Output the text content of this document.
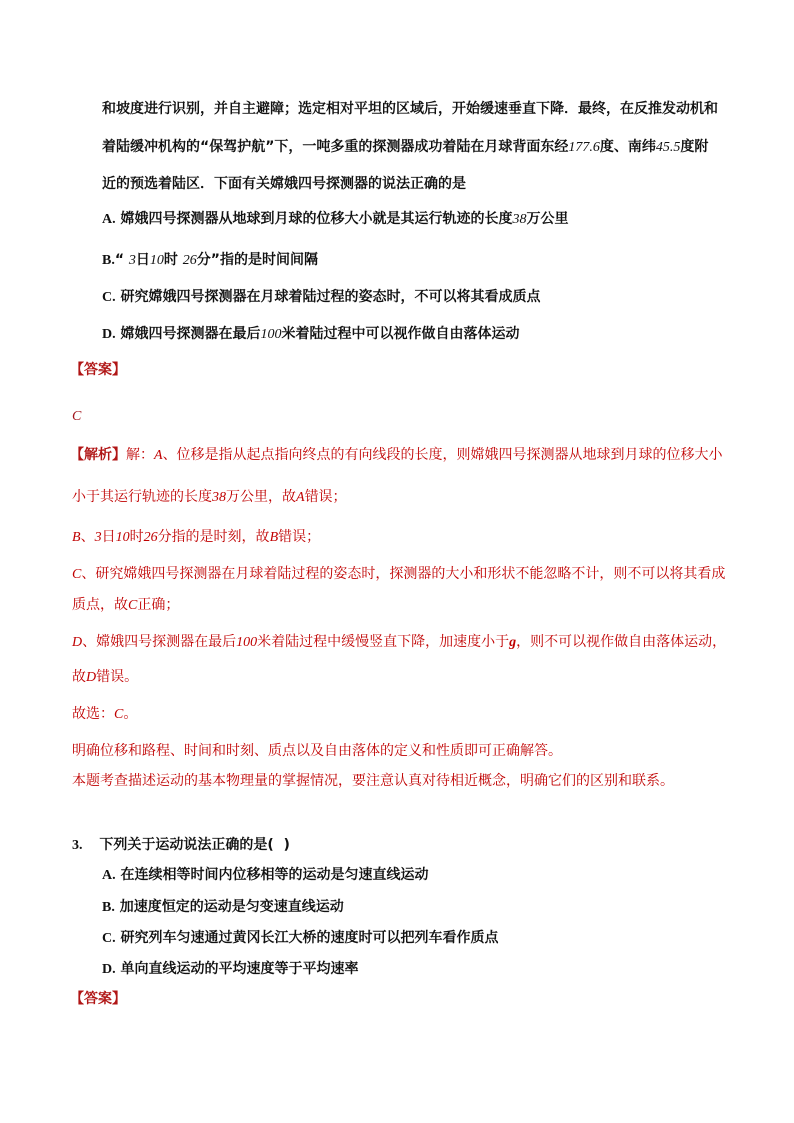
和坡度进行识别，并自主避障；选定相对平坦的区域后，开始缓速垂直下降．最终，在反推发动机和
着陆缓冲机构的“保驾护航”下，一吨多重的探测器成功着陆在月球背面东经177.6度、南纬45.5度附
近的预选着陆区．下面有关嫦娥四号探测器的说法正确的是
A. 嫦娥四号探测器从地球到月球的位移大小就是其运行轨迹的长度38万公里
B.“ 3日10时 26分”指的是时间间隔
C. 研究嫦娥四号探测器在月球着陆过程的姿态时，不可以将其看成质点
D. 嫦娥四号探测器在最后100米着陆过程中可以视作做自由落体运动
【答案】
C
【解析】解：A、位移是指从起点指向终点的有向线段的长度，则嫦娥四号探测器从地球到月球的位移大小
小于其运行轨迹的长度38万公里，故A错误；
B、3日10时26分指的是时刻，故B错误；
C、研究嫦娥四号探测器在月球着陆过程的姿态时，探测器的大小和形状不能忽略不计，则不可以将其看成
质点，故C正确；
D、嫦娥四号探测器在最后100米着陆过程中缓慢竖直下降，加速度小于g，则不可以视作做自由落体运动，
故D错误。
故选：C。
明确位移和路程、时间和时刻、质点以及自由落体的定义和性质即可正确解答。
本题考查描述运动的基本物理量的掌握情况，要注意认真对待相近概念，明确它们的区别和联系。
3. 下列关于运动说法正确的是(  )
A. 在连续相等时间内位移相等的运动是匀速直线运动
B. 加速度恒定的运动是匀变速直线运动
C. 研究列车匀速通过黄冈长江大桥的速度时可以把列车看作质点
D. 单向直线运动的平均速度等于平均速率
【答案】
